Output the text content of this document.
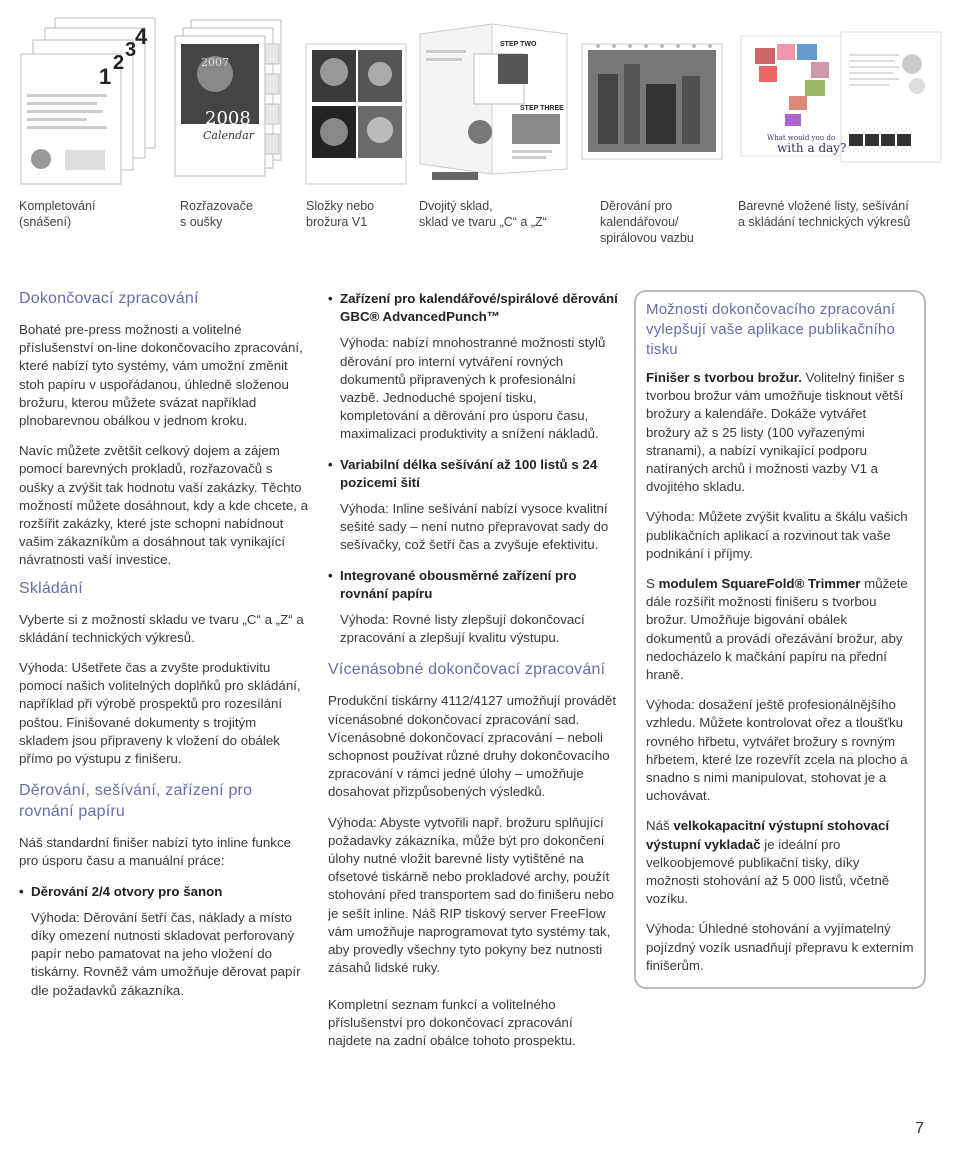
4
3
2
1
2007
2008
Calendar
STEP TWO
STEP THREE
What would you do
with a day?
Kompletování
(snášení)
Rozřazovače
s oušky
Složky nebo
brožura V1
Dvojitý sklad,
sklad ve tvaru „C“ a „Z“
Děrování pro
kalendářovou/
spirálovou vazbu
Barevné vložené listy, sešívání
a skládání technických výkresů
Dokončovací zpracování

Bohaté pre-press možnosti a volitelné příslušenství on-line dokončovacího zpracování, které nabízí tyto systémy, vám umožní změnit stoh papíru v uspořádanou, úhledně složenou brožuru, kterou můžete svázat například plnobarevnou obálkou v jednom kroku.

Navíc můžete zvětšit celkový dojem a zájem pomocí barevných prokladů, rozřazovačů s oušky a zvýšit tak hodnotu vaší zakázky. Těchto možností můžete dosáhnout, kdy a kde chcete, a rozšířit zakázky, které jste schopni nabídnout vašim zákazníkům a dosáhnout tak vynikající návratnosti vaší investice.

Skládání

Vyberte si z možností skladu ve tvaru „C“ a „Z“ a skládání technických výkresů.

Výhoda: Ušetřete čas a zvyšte produktivitu pomocí našich volitelných doplňků pro skládání, například při výrobě prospektů pro rozesílání poštou. Finišované dokumenty s trojitým skladem jsou připraveny k vložení do obálek přímo po výstupu z finišeru.

Děrování, sešívání, zařízení pro rovnání papíru

Náš standardní finišer nabízí tyto inline funkce pro úsporu času a manuální práce:

• Děrování 2/4 otvory pro šanon
Výhoda: Děrování šetří čas, náklady a místo díky omezení nutnosti skladovat perforovaný papír nebo pamatovat na jeho vložení do tiskárny. Rovněž vám umožňuje děrovat papír dle požadavků zákazníka.
• Zařízení pro kalendářové/spirálové děrování GBC® AdvancedPunch™
Výhoda: nabízí mnohostranné možnosti stylů děrování pro interní vytváření rovných dokumentů připravených k profesionální vazbě. Jednoduché spojení tisku, kompletování a děrování pro úsporu času, maximalizaci produktivity a snížení nákladů.
• Variabilní délka sešívání až 100 listů s 24 pozicemi šití
Výhoda: Inline sešívání nabízí vysoce kvalitní sešité sady – není nutno přepravovat sady do sešívačky, což šetří čas a zvyšuje efektivitu.
• Integrované obousměrné zařízení pro rovnání papíru
Výhoda: Rovné listy zlepšují dokončovací zpracování a zlepšují kvalitu výstupu.
Vícenásobné dokončovací zpracování

Produkční tiskárny 4112/4127 umožňují provádět vícenásobné dokončovací zpracování sad. Vícenásobné dokončovací zpracování – neboli schopnost používat různé druhy dokončovacího zpracování v rámci jedné úlohy – umožňuje dosahovat přizpůsobených výsledků.

Výhoda: Abyste vytvořili např. brožuru splňující požadavky zákazníka, může být pro dokončení úlohy nutné vložit barevné listy vytištěné na ofsetové tiskárně nebo prokladové archy, použít stohování před transportem sad do finišeru nebo je sešít inline. Náš RIP tiskový server FreeFlow vám umožňuje naprogramovat tyto systémy tak, aby provedly všechny tyto pokyny bez nutnosti zásahů lidské ruky.

Kompletní seznam funkcí a volitelného příslušenství pro dokončovací zpracování najdete na zadní obálce tohoto prospektu.

Možnosti dokončovacího zpracování vylepšují vaše aplikace publikačního tisku

Finišer s tvorbou brožur. Volitelný finišer s tvorbou brožur vám umožňuje tisknout větší brožury a kalendáře. Dokáže vytvářet brožury až s 25 listy (100 vyřazenými stranami), a nabízí vynikající podporu natíraných archů i možnosti vazby V1 a dvojitého skladu.

Výhoda: Můžete zvýšit kvalitu a škálu vašich publikačních aplikací a rozvinout tak vaše podnikání i příjmy.

S modulem SquareFold® Trimmer můžete dále rozšířit možnosti finišeru s tvorbou brožur. Umožňuje bigování obálek dokumentů a provádí ořezávání brožur, aby nedocházelo k mačkání papíru na přední hraně.

Výhoda: dosažení ještě profesionálnějšího vzhledu. Můžete kontrolovat ořez a tloušťku rovného hřbetu, vytvářet brožury s rovným hřbetem, které lze rozevřít zcela na plocho a snadno s nimi manipulovat, stohovat je a uchovávat.

Náš velkokapacitní výstupní stohovací výstupní vykladač je ideální pro velkoobjemové publikační tisky, díky možnosti stohování až 5 000 listů, včetně vozíku.

Výhoda: Úhledné stohování a vyjímatelný pojízdný vozík usnadňují přepravu k externím finišerům.

7
